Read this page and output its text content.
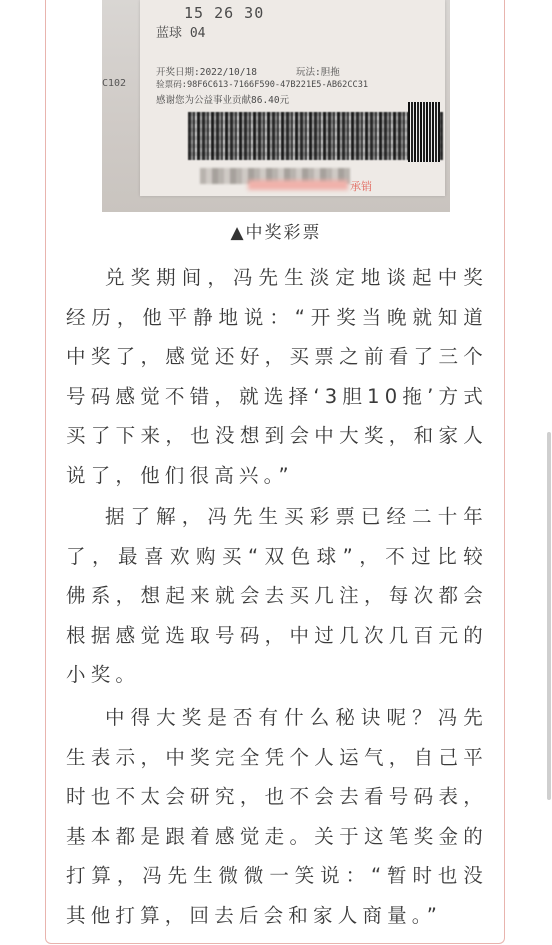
15 26 30
蓝球 04
开奖日期:2022/10/18	玩法:胆拖
验票码:98F6C613-7166F590-47B221E5-AB62CC31
感谢您为公益事业贡献86.40元
承销
C102
▲中奖彩票

兑奖期间，冯先生淡定地谈起中奖经历，他平静地说：“开奖当晚就知道中奖了，感觉还好，买票之前看了三个号码感觉不错，就选择‘3胆10拖’方式买了下来，也没想到会中大奖，和家人说了，他们很高兴。”

据了解，冯先生买彩票已经二十年了，最喜欢购买“双色球”，不过比较佛系，想起来就会去买几注，每次都会根据感觉选取号码，中过几次几百元的小奖。

中得大奖是否有什么秘诀呢？冯先生表示，中奖完全凭个人运气，自己平时也不太会研究，也不会去看号码表，基本都是跟着感觉走。关于这笔奖金的打算，冯先生微微一笑说：“暂时也没其他打算，回去后会和家人商量。”
